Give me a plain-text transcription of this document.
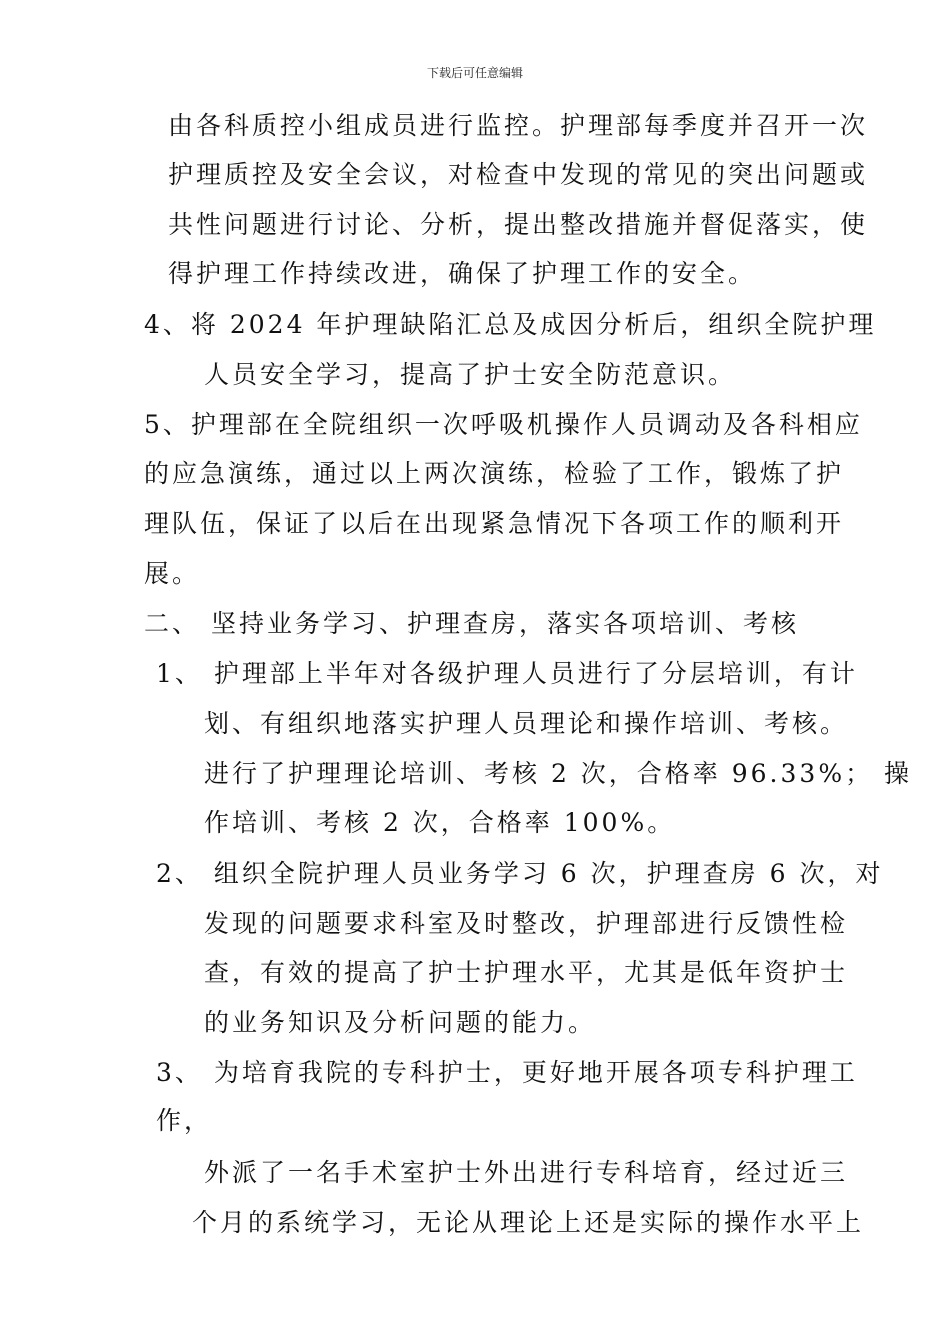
下载后可任意编辑
由各科质控小组成员进行监控。护理部每季度并召开一次
护理质控及安全会议，对检查中发现的常见的突出问题或
共性问题进行讨论、分析，提出整改措施并督促落实，使
得护理工作持续改进，确保了护理工作的安全。
4、将 2024 年护理缺陷汇总及成因分析后，组织全院护理
人员安全学习，提高了护士安全防范意识。
5、护理部在全院组织一次呼吸机操作人员调动及各科相应
的应急演练，通过以上两次演练，检验了工作，锻炼了护
理队伍，保证了以后在出现紧急情况下各项工作的顺利开
展。
二、 坚持业务学习、护理查房，落实各项培训、考核
1、 护理部上半年对各级护理人员进行了分层培训，有计
划、有组织地落实护理人员理论和操作培训、考核。
进行了护理理论培训、考核 2 次，合格率 96.33%； 操
作培训、考核 2 次，合格率 100%。
2、 组织全院护理人员业务学习 6 次，护理查房 6 次，对
发现的问题要求科室及时整改，护理部进行反馈性检
查，有效的提高了护士护理水平，尤其是低年资护士
的业务知识及分析问题的能力。
3、 为培育我院的专科护士，更好地开展各项专科护理工
作，
外派了一名手术室护士外出进行专科培育，经过近三
个月的系统学习，无论从理论上还是实际的操作水平上
